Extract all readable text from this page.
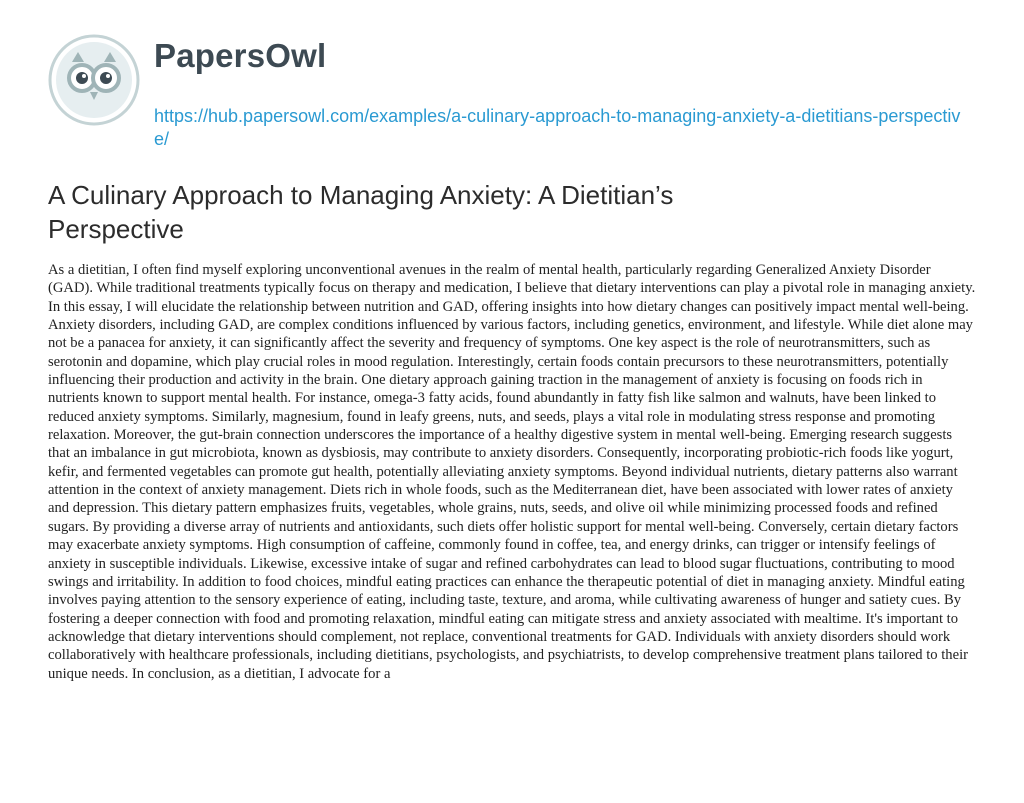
PapersOwl
https://hub.papersowl.com/examples/a-culinary-approach-to-managing-anxiety-a-dietitians-perspective/
A Culinary Approach to Managing Anxiety: A Dietitian’s Perspective

As a dietitian, I often find myself exploring unconventional avenues in the realm of mental health, particularly regarding Generalized Anxiety Disorder (GAD). While traditional treatments typically focus on therapy and medication, I believe that dietary interventions can play a pivotal role in managing anxiety. In this essay, I will elucidate the relationship between nutrition and GAD, offering insights into how dietary changes can positively impact mental well-being. Anxiety disorders, including GAD, are complex conditions influenced by various factors, including genetics, environment, and lifestyle. While diet alone may not be a panacea for anxiety, it can significantly affect the severity and frequency of symptoms. One key aspect is the role of neurotransmitters, such as serotonin and dopamine, which play crucial roles in mood regulation. Interestingly, certain foods contain precursors to these neurotransmitters, potentially influencing their production and activity in the brain. One dietary approach gaining traction in the management of anxiety is focusing on foods rich in nutrients known to support mental health. For instance, omega-3 fatty acids, found abundantly in fatty fish like salmon and walnuts, have been linked to reduced anxiety symptoms. Similarly, magnesium, found in leafy greens, nuts, and seeds, plays a vital role in modulating stress response and promoting relaxation. Moreover, the gut-brain connection underscores the importance of a healthy digestive system in mental well-being. Emerging research suggests that an imbalance in gut microbiota, known as dysbiosis, may contribute to anxiety disorders. Consequently, incorporating probiotic-rich foods like yogurt, kefir, and fermented vegetables can promote gut health, potentially alleviating anxiety symptoms. Beyond individual nutrients, dietary patterns also warrant attention in the context of anxiety management. Diets rich in whole foods, such as the Mediterranean diet, have been associated with lower rates of anxiety and depression. This dietary pattern emphasizes fruits, vegetables, whole grains, nuts, seeds, and olive oil while minimizing processed foods and refined sugars. By providing a diverse array of nutrients and antioxidants, such diets offer holistic support for mental well-being. Conversely, certain dietary factors may exacerbate anxiety symptoms. High consumption of caffeine, commonly found in coffee, tea, and energy drinks, can trigger or intensify feelings of anxiety in susceptible individuals. Likewise, excessive intake of sugar and refined carbohydrates can lead to blood sugar fluctuations, contributing to mood swings and irritability. In addition to food choices, mindful eating practices can enhance the therapeutic potential of diet in managing anxiety. Mindful eating involves paying attention to the sensory experience of eating, including taste, texture, and aroma, while cultivating awareness of hunger and satiety cues. By fostering a deeper connection with food and promoting relaxation, mindful eating can mitigate stress and anxiety associated with mealtime. It's important to acknowledge that dietary interventions should complement, not replace, conventional treatments for GAD. Individuals with anxiety disorders should work collaboratively with healthcare professionals, including dietitians, psychologists, and psychiatrists, to develop comprehensive treatment plans tailored to their unique needs. In conclusion, as a dietitian, I advocate for a
